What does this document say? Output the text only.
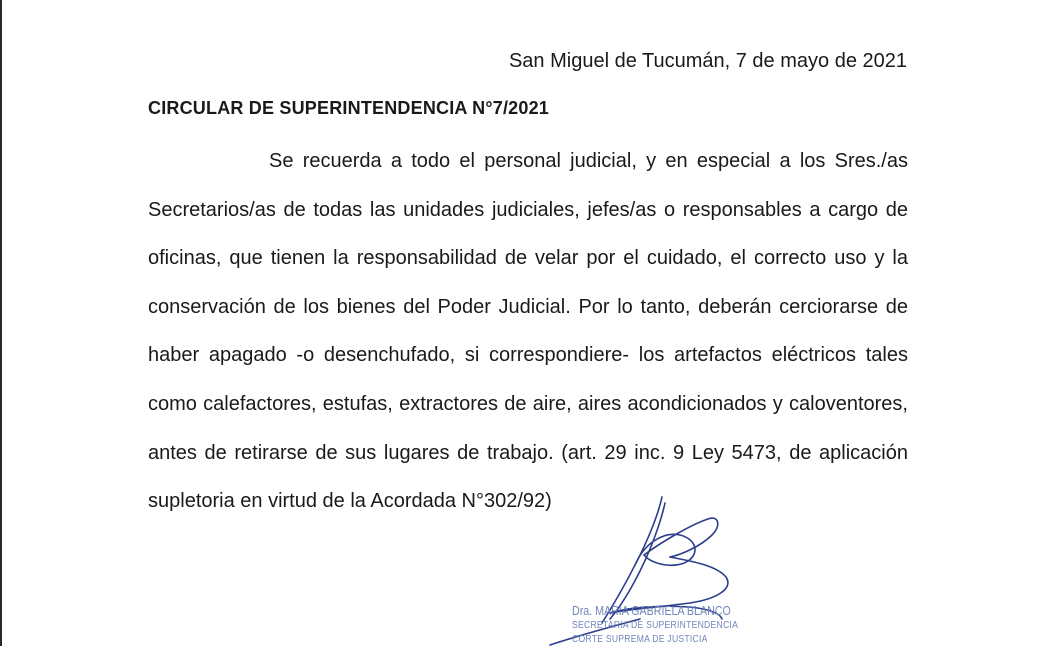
San Miguel de Tucumán, 7 de mayo de 2021
CIRCULAR DE SUPERINTENDENCIA N°7/2021

Se recuerda a todo el personal judicial, y en especial a los Sres./as Secretarios/as de todas las unidades judiciales, jefes/as o responsables a cargo de oficinas, que tienen la responsabilidad de velar por el cuidado, el correcto uso y la conservación de los bienes del Poder Judicial. Por lo tanto, deberán cerciorarse de haber apagado -o desenchufado, si correspondiere- los artefactos eléctricos tales como calefactores, estufas, extractores de aire, aires acondicionados y caloventores, antes de retirarse de sus lugares de trabajo. (art. 29 inc. 9 Ley 5473, de aplicación supletoria en virtud de la Acordada N°302/92)

Dra. MARIA GABRIELA BLANCO
SECRETARIA DE SUPERINTENDENCIA
CORTE SUPREMA DE JUSTICIA
